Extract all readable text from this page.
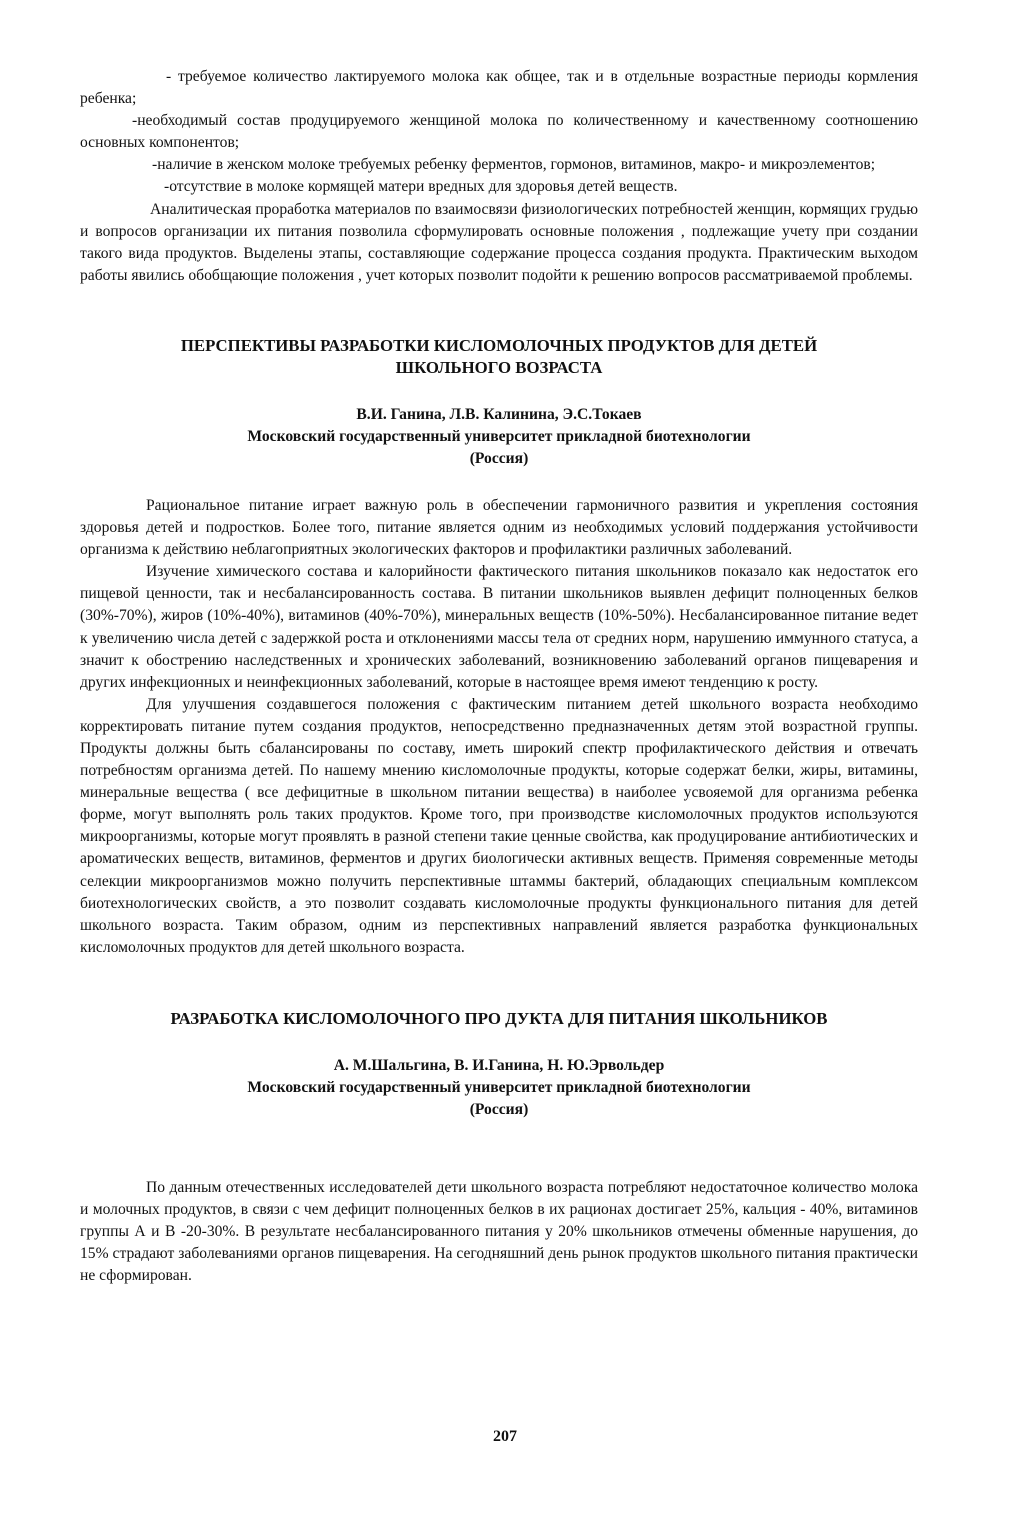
- требуемое количество лактируемого молока как общее, так и в отдельные возрастные периоды кормления ребенка;

-необходимый состав продуцируемого женщиной молока по количественному и качественному соотношению основных компонентов;

-наличие в женском молоке требуемых ребенку ферментов, гормонов, витаминов, макро- и микроэлементов;

-отсутствие в молоке кормящей матери вредных для здоровья детей веществ.

Аналитическая проработка материалов по взаимосвязи физиологических потребностей женщин, кормящих грудью и вопросов организации их питания позволила сформулировать основные положения , подлежащие учету при создании такого вида продуктов. Выделены этапы, составляющие содержание процесса создания продукта. Практическим выходом работы явились обобщающие положения , учет которых позволит подойти к решению вопросов рассматриваемой проблемы.

ПЕРСПЕКТИВЫ РАЗРАБОТКИ КИСЛОМОЛОЧНЫХ ПРОДУКТОВ ДЛЯ ДЕТЕЙ
ШКОЛЬНОГО ВОЗРАСТА
В.И. Ганина, Л.В. Калинина, Э.С.Токаев
Московский государственный университет прикладной биотехнологии
(Россия)

Рациональное питание играет важную роль в обеспечении гармоничного развития и укрепления состояния здоровья детей и подростков. Более того, питание является одним из необходимых условий поддержания устойчивости организма к действию неблагоприятных экологических факторов и профилактики различных заболеваний.

Изучение химического состава и калорийности фактического питания школьников показало как недостаток его пищевой ценности, так и несбалансированность состава. В питании школьников выявлен дефицит полноценных белков (30%-70%), жиров (10%-40%), витаминов (40%-70%), минеральных веществ (10%-50%). Несбалансированное питание ведет к увеличению числа детей с задержкой роста и отклонениями массы тела от средних норм, нарушению иммунного статуса, а значит к обострению наследственных и хронических заболеваний, возникновению заболеваний органов пищеварения и других инфекционных и неинфекционных заболеваний, которые в настоящее время имеют тенденцию к росту.

Для улучшения создавшегося положения с фактическим питанием детей школьного возраста необходимо корректировать питание путем создания продуктов, непосредственно предназначенных детям этой возрастной группы. Продукты должны быть сбалансированы по составу, иметь широкий спектр профилактического действия и отвечать потребностям организма детей. По нашему мнению кисломолочные продукты, которые содержат белки, жиры, витамины, минеральные вещества ( все дефицитные в школьном питании вещества) в наиболее усвояемой для организма ребенка форме, могут выполнять роль таких продуктов. Кроме того, при производстве кисломолочных продуктов используются микроорганизмы, которые могут проявлять в разной степени такие ценные свойства, как продуцирование антибиотических и ароматических веществ, витаминов, ферментов и других биологически активных веществ. Применяя современные методы селекции микроорганизмов можно получить перспективные штаммы бактерий, обладающих специальным комплексом биотехнологических свойств, а это позволит создавать кисломолочные продукты функционального питания для детей школьного возраста. Таким образом, одним из перспективных направлений является разработка функциональных кисломолочных продуктов для детей школьного возраста.

РАЗРАБОТКА КИСЛОМОЛОЧНОГО ПРО ДУКТА ДЛЯ ПИТАНИЯ ШКОЛЬНИКОВ
А. М.Шальгина, В. И.Ганина, Н. Ю.Эрвольдер
Московский государственный университет прикладной биотехнологии
(Россия)

По данным отечественных исследователей дети школьного возраста потребляют недостаточное количество молока и молочных продуктов, в связи с чем дефицит полноценных белков в их рационах достигает 25%, кальция - 40%, витаминов группы А и В -20-30%. В результате несбалансированного питания у 20% школьников отмечены обменные нарушения, до 15% страдают заболеваниями органов пищеварения. На сегодняшний день рынок продуктов школьного питания практически не сформирован.

207
